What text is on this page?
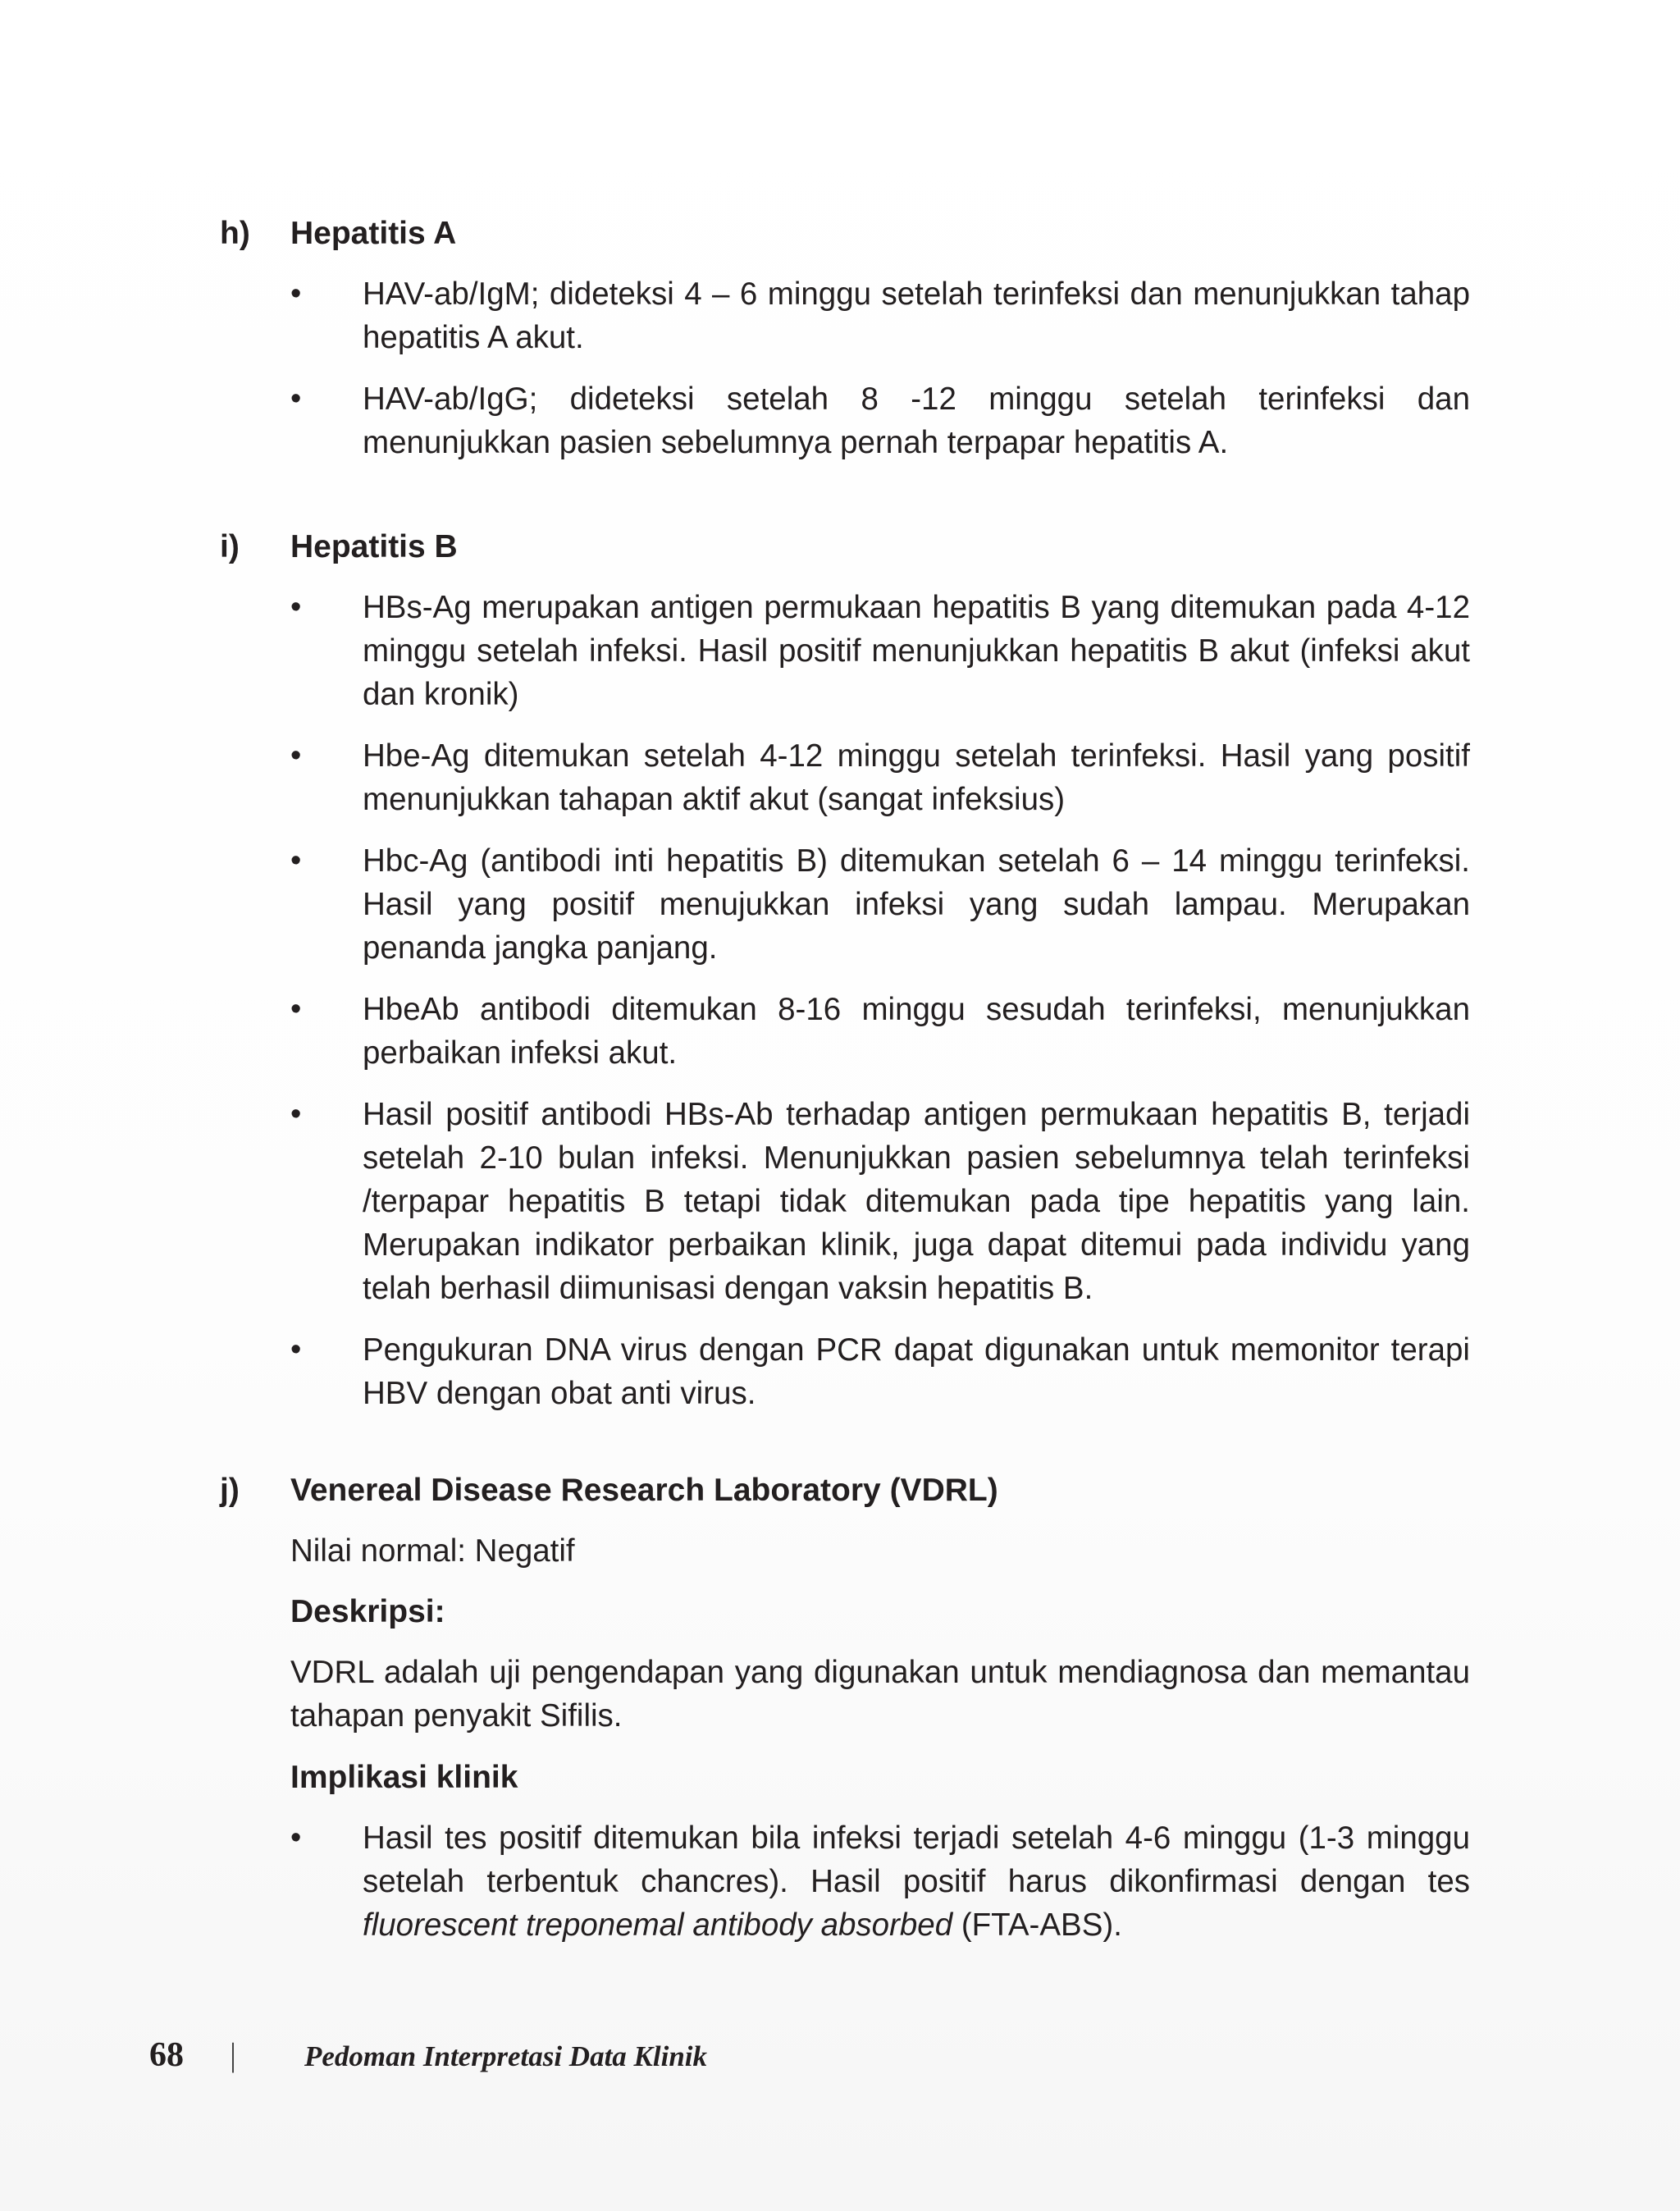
h) Hepatitis A
•	HAV-ab/IgM; dideteksi 4 – 6 minggu setelah terinfeksi dan menunjukkan tahap hepatitis A akut.
•	HAV-ab/IgG; dideteksi setelah 8 -12 minggu setelah terinfeksi dan menunjukkan pasien sebelumnya pernah terpapar hepatitis A.
i) Hepatitis B
•	HBs-Ag merupakan antigen permukaan hepatitis B yang ditemukan pada 4-12 minggu setelah infeksi. Hasil positif menunjukkan hepatitis B akut (infeksi akut dan kronik)
•	Hbe-Ag ditemukan setelah 4-12 minggu setelah terinfeksi. Hasil yang positif menunjukkan tahapan aktif akut (sangat infeksius)
•	Hbc-Ag (antibodi inti hepatitis B) ditemukan setelah 6 – 14 minggu terinfeksi. Hasil yang positif menujukkan infeksi yang sudah lampau. Merupakan penanda jangka panjang.
•	HbeAb antibodi ditemukan 8-16 minggu sesudah terinfeksi, menunjukkan perbaikan infeksi akut.
•	Hasil positif antibodi HBs-Ab terhadap antigen permukaan hepatitis B, terjadi setelah 2-10 bulan infeksi. Menunjukkan pasien sebelumnya telah terinfeksi /terpapar hepatitis B tetapi tidak ditemukan pada tipe hepatitis yang lain. Merupakan indikator perbaikan klinik, juga dapat ditemui pada individu yang telah berhasil diimunisasi dengan vaksin hepatitis B.
•	Pengukuran DNA virus dengan PCR dapat digunakan untuk memonitor terapi HBV dengan obat anti virus.
j) Venereal Disease Research Laboratory (VDRL)
Nilai normal: Negatif
Deskripsi:
VDRL adalah uji pengendapan yang digunakan untuk mendiagnosa dan memantau tahapan penyakit Sifilis.
Implikasi klinik
•	Hasil tes positif ditemukan bila infeksi terjadi setelah 4-6 minggu (1-3 minggu setelah terbentuk chancres). Hasil positif harus dikonfirmasi dengan tes fluorescent treponemal antibody absorbed (FTA-ABS).
68 | Pedoman Interpretasi Data Klinik
